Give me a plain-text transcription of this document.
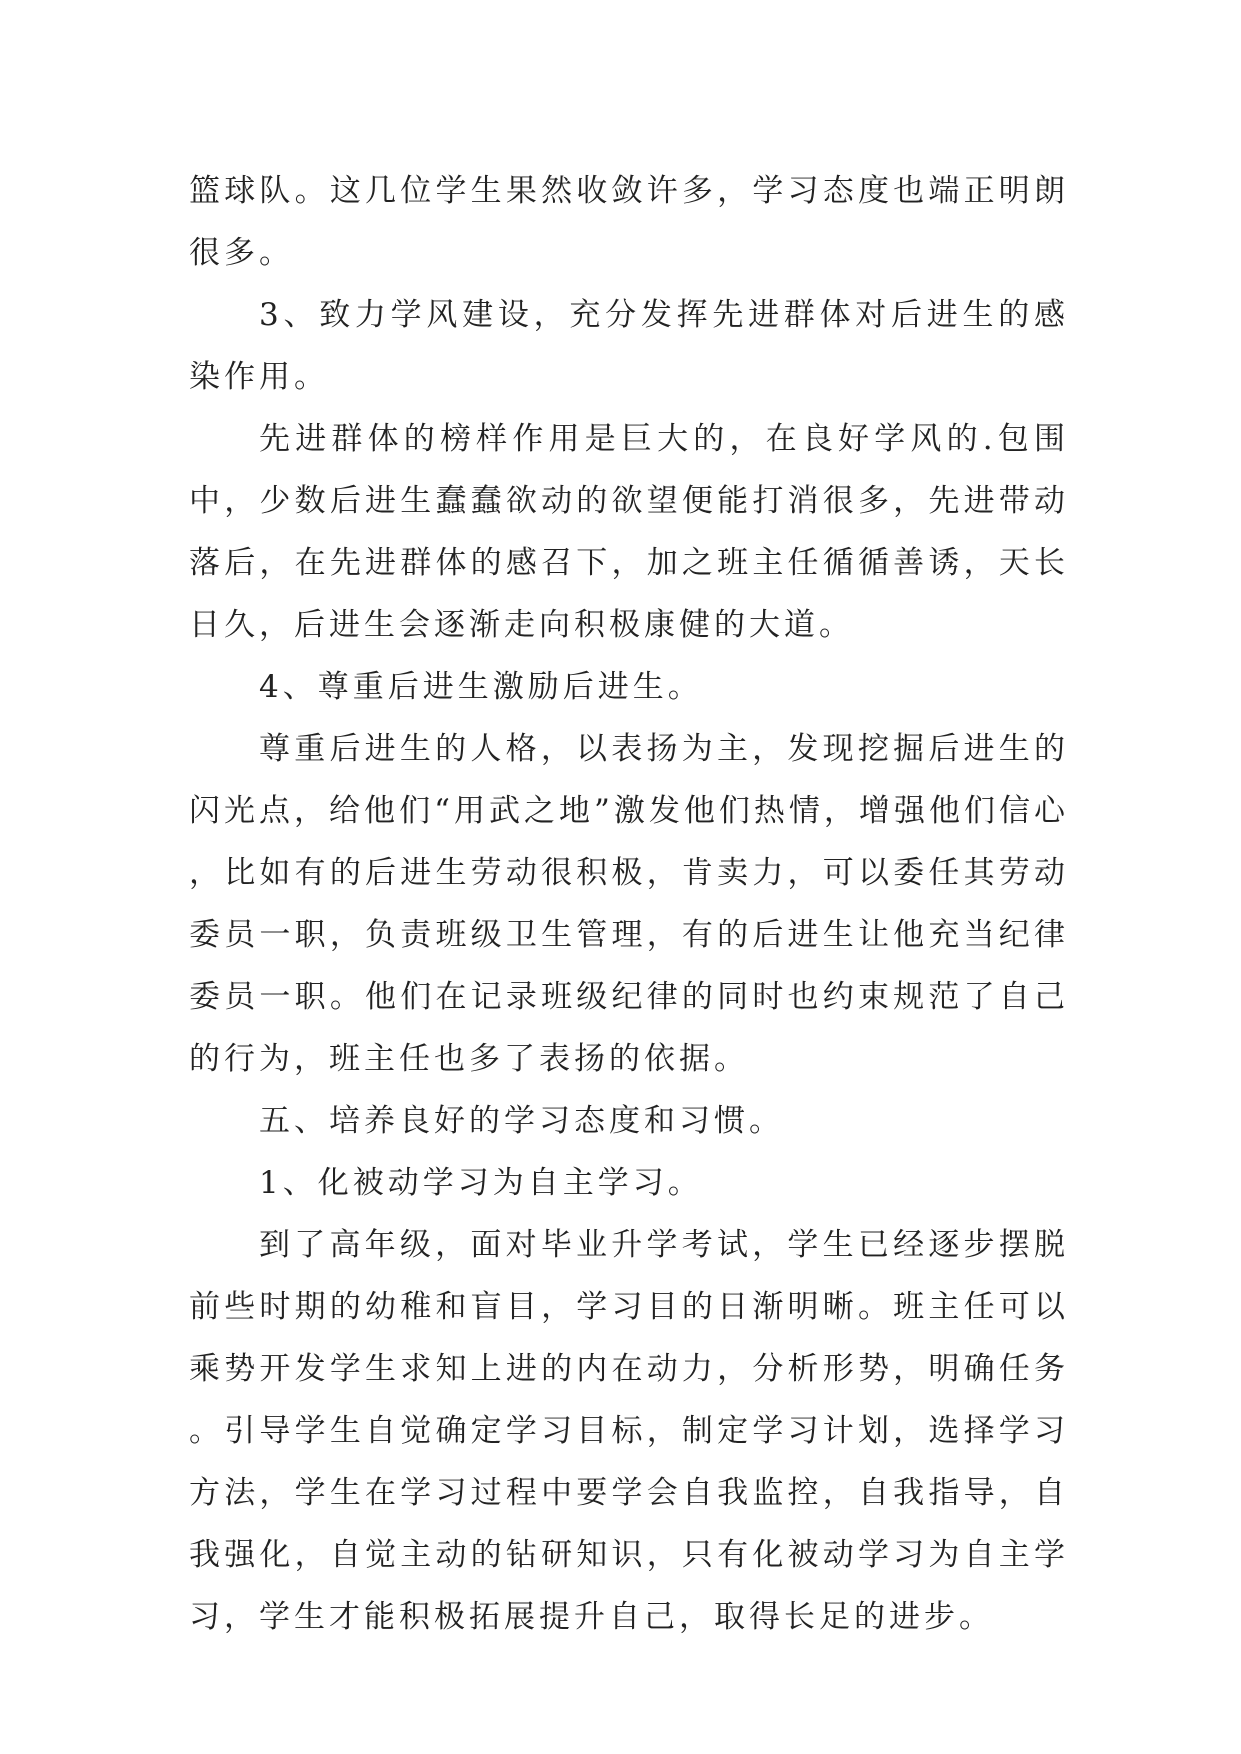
篮球队。这几位学生果然收敛许多，学习态度也端正明朗很多。

3、致力学风建设，充分发挥先进群体对后进生的感染作用。

先进群体的榜样作用是巨大的，在良好学风的.包围中，少数后进生蠢蠢欲动的欲望便能打消很多，先进带动落后，在先进群体的感召下，加之班主任循循善诱，天长日久，后进生会逐渐走向积极康健的大道。

4、尊重后进生激励后进生。

尊重后进生的人格，以表扬为主，发现挖掘后进生的闪光点，给他们“用武之地”激发他们热情，增强他们信心，比如有的后进生劳动很积极，肯卖力，可以委任其劳动委员一职，负责班级卫生管理，有的后进生让他充当纪律委员一职。他们在记录班级纪律的同时也约束规范了自己的行为，班主任也多了表扬的依据。

五、培养良好的学习态度和习惯。

1、化被动学习为自主学习。

到了高年级，面对毕业升学考试，学生已经逐步摆脱前些时期的幼稚和盲目，学习目的日渐明晰。班主任可以乘势开发学生求知上进的内在动力，分析形势，明确任务。引导学生自觉确定学习目标，制定学习计划，选择学习方法，学生在学习过程中要学会自我监控，自我指导，自我强化，自觉主动的钻研知识，只有化被动学习为自主学习，学生才能积极拓展提升自己，取得长足的进步。
